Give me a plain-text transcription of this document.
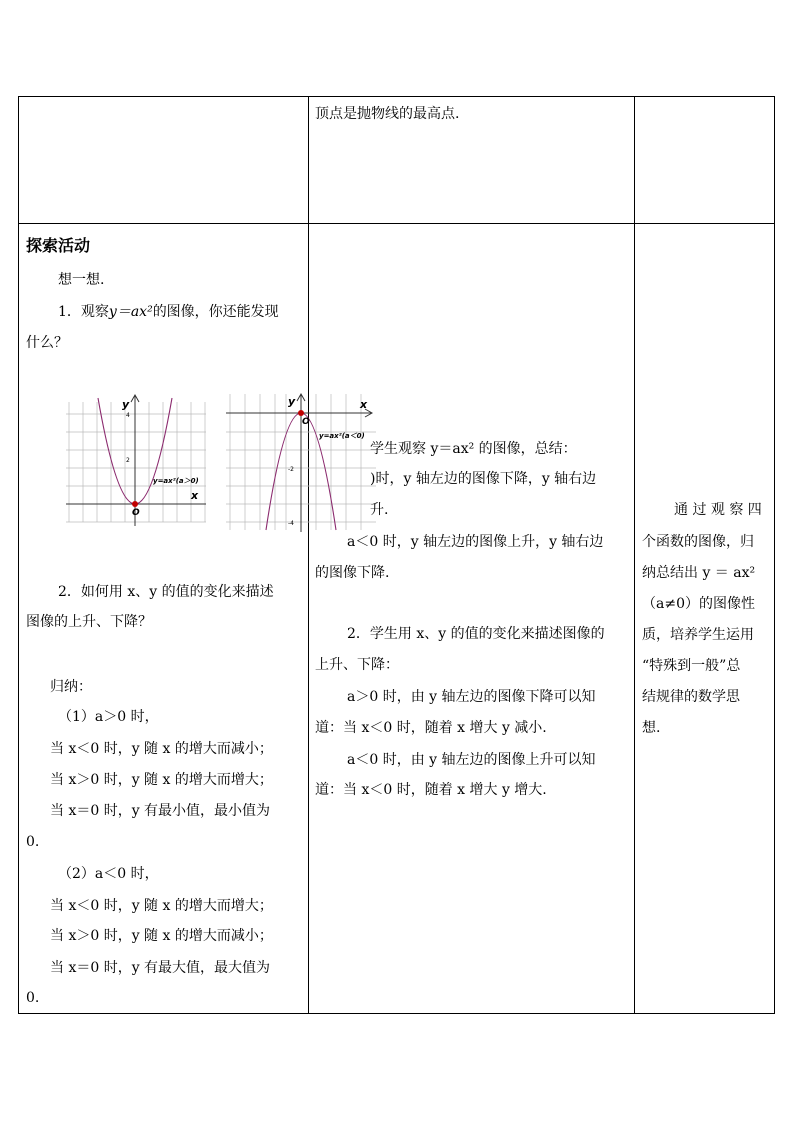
顶点是抛物线的最高点.
探索活动
想一想.
1．观察y＝ax²的图像，你还能发现
什么？
y
x
O
4
2
y=ax²(a＞0)
y	x
O
-2
-4
y=ax²(a＜0)
2．如何用 x、y 的值的变化来描述
图像的上升、下降？
归纳：
（1）a＞0 时，
当 x＜0 时，y 随 x 的增大而减小；
当 x＞0 时，y 随 x 的增大而增大；
当 x＝0 时，y 有最小值，最小值为
0.
（2）a＜0 时，
当 x＜0 时，y 随 x 的增大而增大；
当 x＞0 时，y 随 x 的增大而减小；
当 x＝0 时，y 有最大值，最大值为
0.
学生观察 y＝ax² 的图像，总结：
)时，y 轴左边的图像下降，y 轴右边
升.
a＜0 时，y 轴左边的图像上升，y 轴右边
的图像下降.
2．学生用 x、y 的值的变化来描述图像的
上升、下降：
a＞0 时，由 y 轴左边的图像下降可以知
道：当 x＜0 时，随着 x 增大 y 减小.
a＜0 时，由 y 轴左边的图像上升可以知
道：当 x＜0 时，随着 x 增大 y 增大.
通 过 观 察 四
个函数的图像，归
纳总结出 y ＝ ax²
（a≠0）的图像性
质，培养学生运用
“特殊到一般”总
结规律的数学思
想.
